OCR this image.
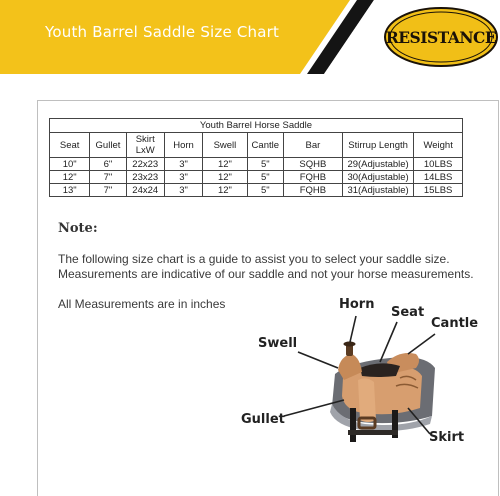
Youth Barrel Saddle Size Chart	RESISTANCE
Youth Barrel Horse Saddle								
Seat	Gullet	Skirt LxW	Horn	Swell	Cantle	Bar	Stirrup Length	Weight
10"	6"	22x23	3"	12"	5"	SQHB	29(Adjustable)	10LBS
12"	7"	23x23	3"	12"	5"	FQHB	30(Adjustable)	14LBS
13"	7"	24x24	3"	12"	5"	FQHB	31(Adjustable)	15LBS
Note:
The following size chart is a guide to assist you to select your saddle size.
Measurements are indicative of our saddle and not your horse measurements.
All Measurements are in inches	Horn
Seat
Cantle
Swell
Gullet
Skirt
